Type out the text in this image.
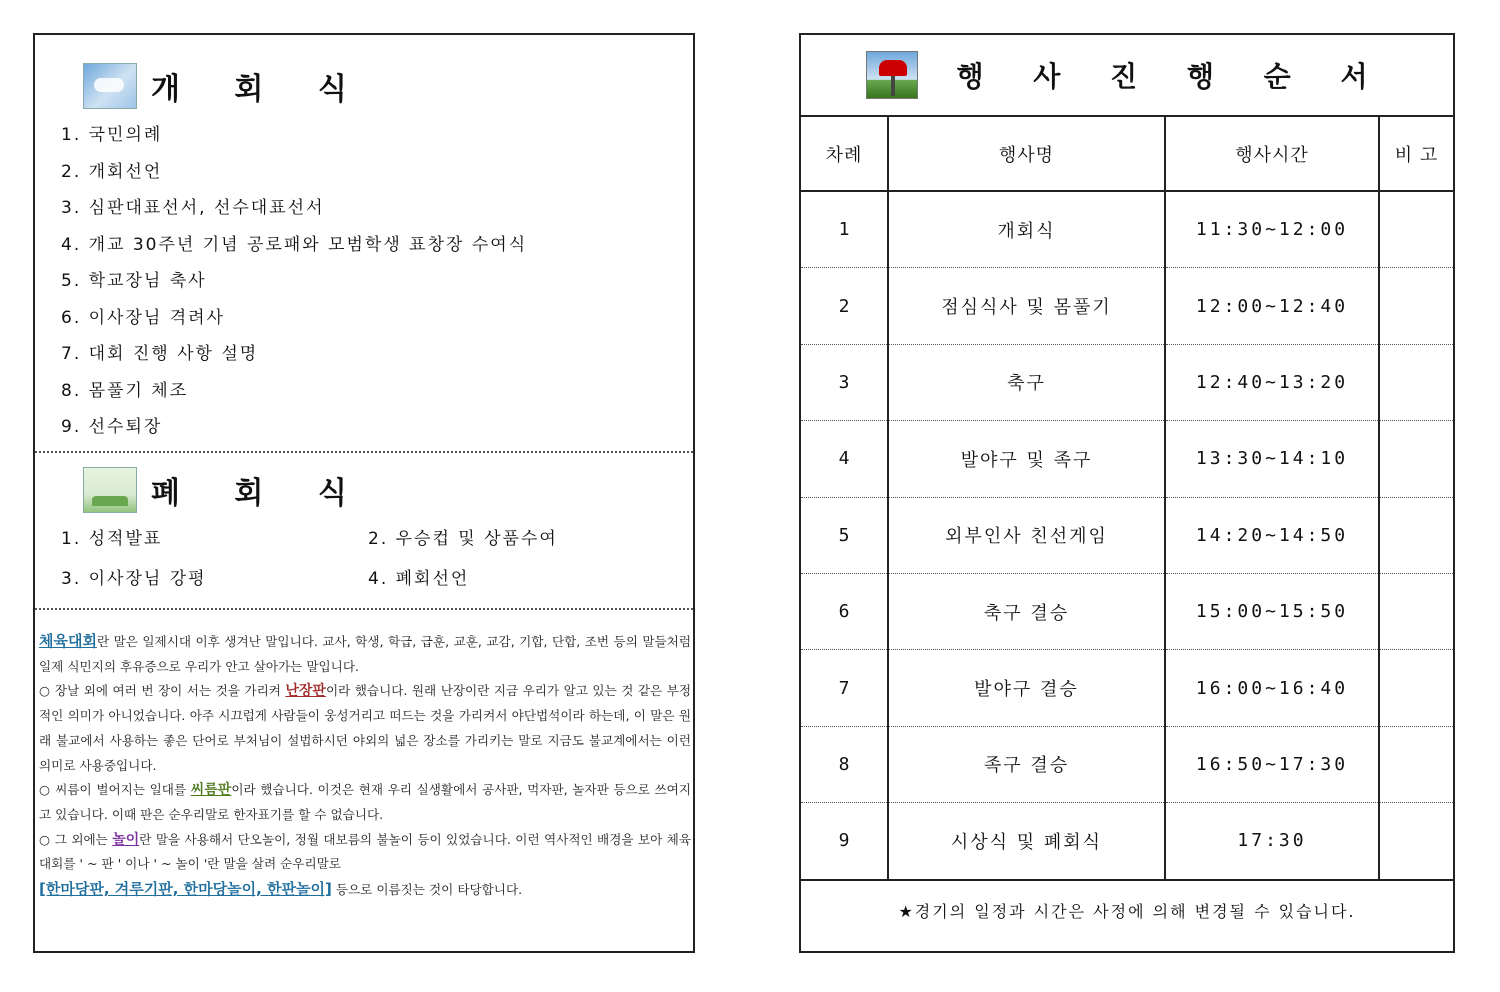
개 회 식
1. 국민의례
2. 개회선언
3. 심판대표선서, 선수대표선서
4. 개교 30주년 기념 공로패와 모범학생 표창장 수여식
5. 학교장님 축사
6. 이사장님 격려사
7. 대회 진행 사항 설명
8. 몸풀기 체조
9. 선수퇴장
폐 회 식
1. 성적발표	2. 우승컵 및 상품수여
3. 이사장님 강평	4. 폐회선언

체육대회란 말은 일제시대 이후 생겨난 말입니다. 교사, 학생, 학급, 급훈, 교훈, 교감, 기합, 단합, 조번 등의 말들처럼 일제 식민지의 후유증으로 우리가 안고 살아가는 말입니다.

○ 장날 외에 여러 번 장이 서는 것을 가리켜 난장판이라 했습니다. 원래 난장이란 지금 우리가 알고 있는 것 같은 부정적인 의미가 아니었습니다. 아주 시끄럽게 사람들이 웅성거리고 떠드는 것을 가리켜서 야단법석이라 하는데, 이 말은 원래 불교에서 사용하는 좋은 단어로 부처님이 설법하시던 야외의 넓은 장소를 가리키는 말로 지금도 불교계에서는 이런 의미로 사용중입니다.

○ 씨름이 벌어지는 일대를 씨름판이라 했습니다. 이것은 현재 우리 실생활에서 공사판, 먹자판, 놀자판 등으로 쓰여지고 있습니다. 이때 판은 순우리말로 한자표기를 할 수 없습니다.

○ 그 외에는 놀이란 말을 사용해서 단오놀이, 정월 대보름의 불놀이 등이 있었습니다. 이런 역사적인 배경을 보아 체육대회를 ' ~ 판 ' 이나 ' ~ 놀이 '란 말을 살려 순우리말로

[한마당판, 겨루기판, 한마당놀이, 한판놀이] 등으로 이름짓는 것이 타당합니다.

행 사 진 행 순 서
차례	행사명	행사시간	비 고
1	개회식	11:30~12:00	
2	점심식사 및 몸풀기	12:00~12:40	
3	축구	12:40~13:20	
4	발야구 및 족구	13:30~14:10	
5	외부인사 친선게임	14:20~14:50	
6	축구 결승	15:00~15:50	
7	발야구 결승	16:00~16:40	
8	족구 결승	16:50~17:30	
9	시상식 및 폐회식	17:30	
★경기의 일정과 시간은 사정에 의해 변경될 수 있습니다.
